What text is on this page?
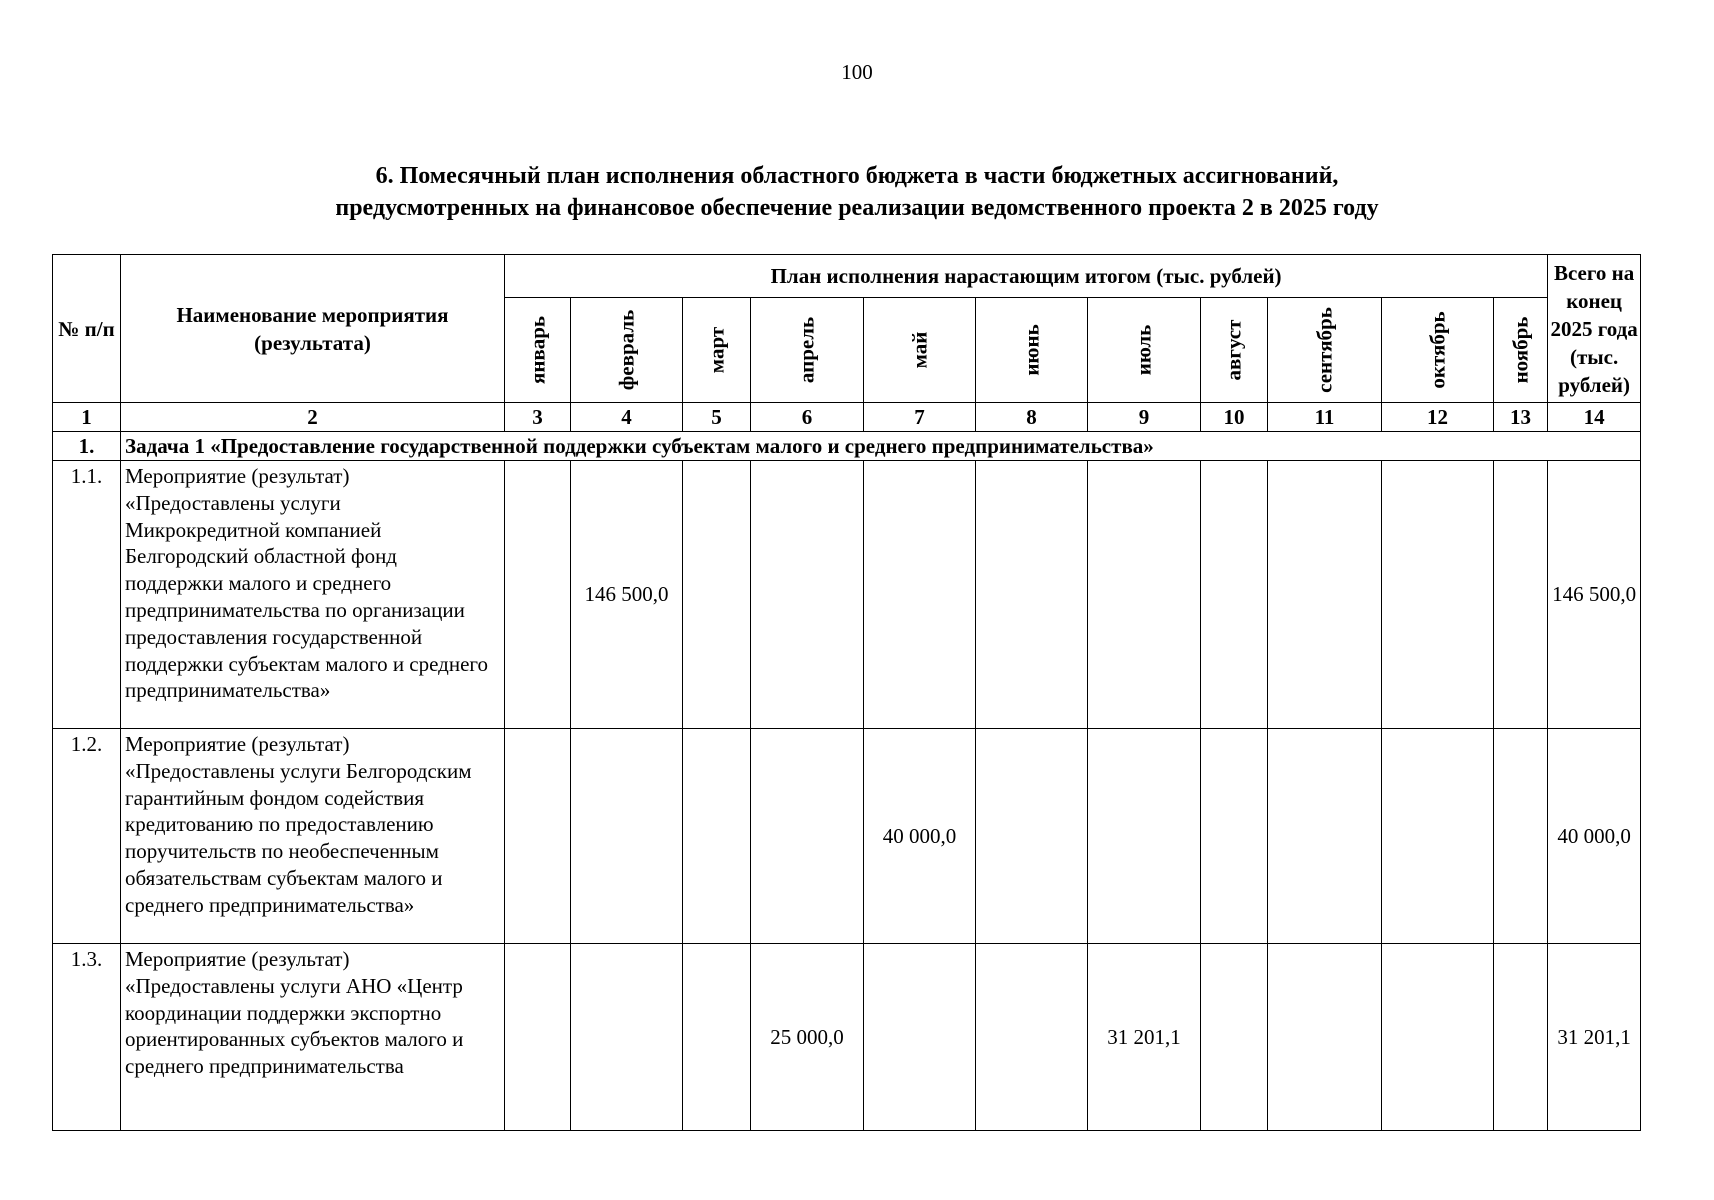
100
6. Помесячный план исполнения областного бюджета в части бюджетных ассигнований,
предусмотренных на финансовое обеспечение реализации ведомственного проекта 2 в 2025 году
№ п/п	Наименование мероприятия (результата)	План исполнения нарастающим итогом (тыс. рублей)											Всего на конец 2025 года (тыс. рублей)

		январь	февраль	март	апрель	май	июнь	июль	август	сентябрь	октябрь	ноябрь	

1	2	3	4	5	6	7	8	9	10	11	12	13	14
1.	Задача 1 «Предоставление государственной поддержки субъектам малого и среднего предпринимательства»												
1.1.	Мероприятие (результат) «Предоставлены услуги Микрокредитной компанией Белгородский областной фонд поддержки малого и среднего предпринимательства по организации предоставления государственной поддержки субъектам малого и среднего предпринимательства»		146 500,0										146 500,0
1.2.	Мероприятие (результат) «Предоставлены услуги Белгородским гарантийным фондом содействия кредитованию по предоставлению поручительств по необеспеченным обязательствам субъектам малого и среднего предпринимательства»					40 000,0							40 000,0
1.3.	Мероприятие (результат) «Предоставлены услуги АНО «Центр координации поддержки экспортно ориентированных субъектов малого и среднего предпринимательства				25 000,0			31 201,1					31 201,1
